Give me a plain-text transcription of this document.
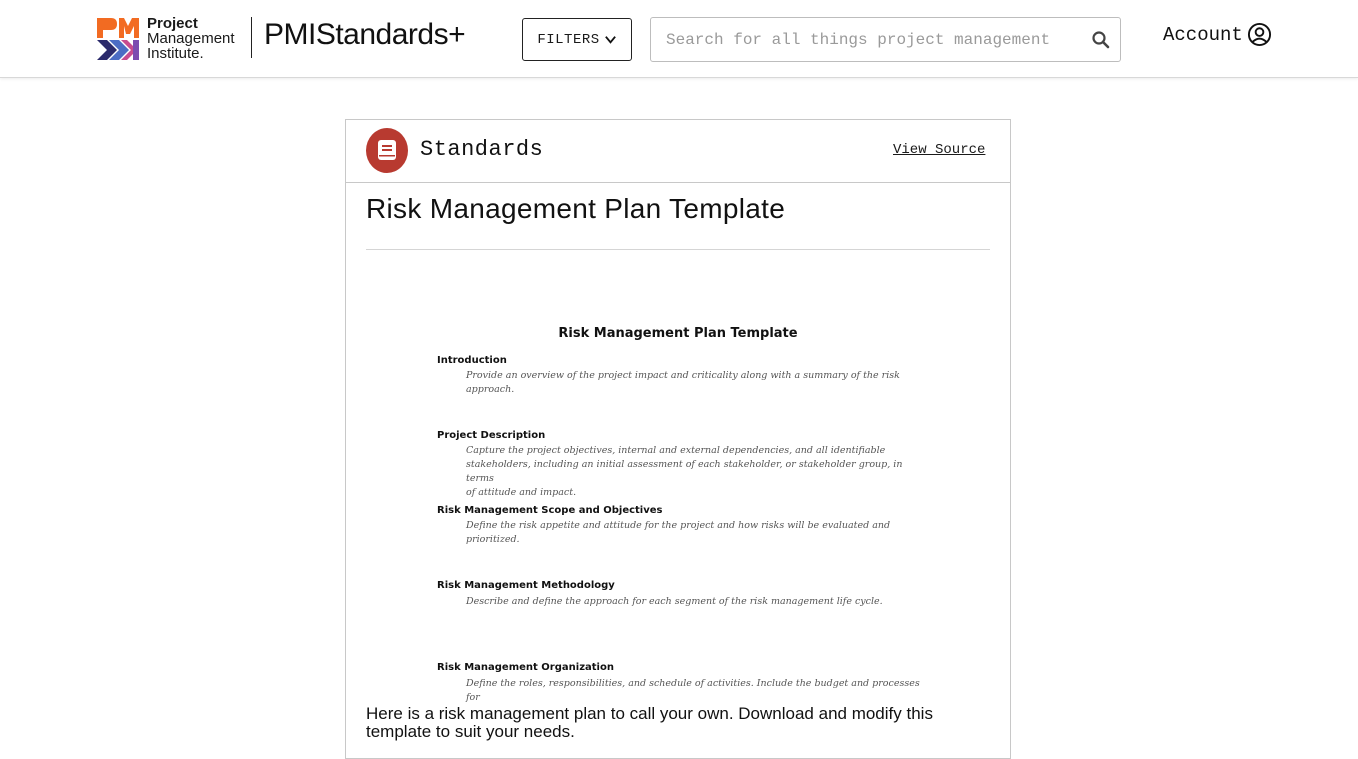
Project
Management
Institute.
PMIStandards+	FILTERS
Search for all things project management	Account
Standards	View Source
Risk Management Plan Template
Risk Management Plan Template
Introduction
Provide an overview of the project impact and criticality along with a summary of the risk
approach.
Project Description
Capture the project objectives, internal and external dependencies, and all identifiable
stakeholders, including an initial assessment of each stakeholder, or stakeholder group, in terms
of attitude and impact.
Risk Management Scope and Objectives
Define the risk appetite and attitude for the project and how risks will be evaluated and
prioritized.
Risk Management Methodology
Describe and define the approach for each segment of the risk management life cycle.
Risk Management Organization
Define the roles, responsibilities, and schedule of activities. Include the budget and processes for
Here is a risk management plan to call your own. Download and modify this template to suit your needs.
